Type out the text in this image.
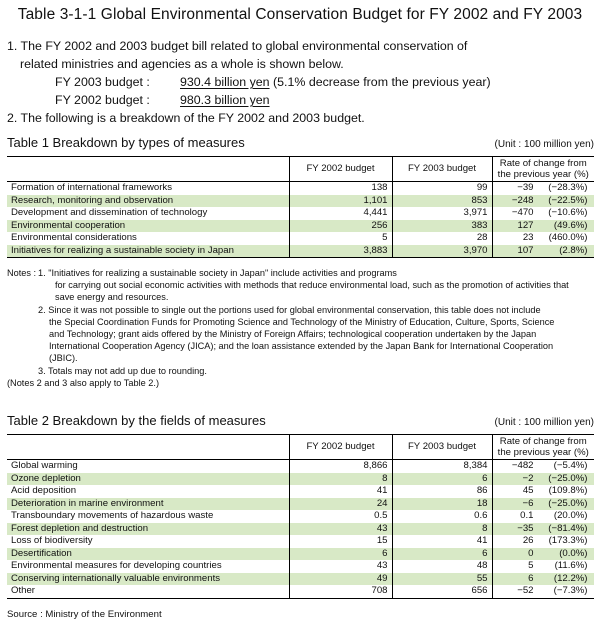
Table 3-1-1 Global Environmental Conservation Budget for FY 2002 and FY 2003
1. The FY 2002 and 2003 budget bill related to global environmental conservation of
related ministries and agencies as a whole is shown below.
FY 2003 budget :	930.4 billion yen (5.1% decrease from the previous year)
FY 2002 budget :	980.3 billion yen
2. The following is a breakdown of the FY 2002 and 2003 budget.
Table 1 Breakdown by types of measures	(Unit : 100 million yen)
	FY 2002 budget	FY 2003 budget	Rate of change from the previous year (%)
Formation of international frameworks	138	99	−39 (−28.3%)
Research, monitoring and observation	1,101	853	−248 (−22.5%)
Development and dissemination of technology	4,441	3,971	−470 (−10.6%)
Environmental cooperation	256	383	127 (49.6%)
Environmental considerations	5	28	23 (460.0%)
Initiatives for realizing a sustainable society in Japan	3,883	3,970	107 (2.8%)
Notes : 1. "Initiatives for realizing a sustainable society in Japan" include activities and programs
for carrying out social economic activities with methods that reduce environmental load, such as the promotion of activities that
save energy and resources.
2. Since it was not possible to single out the portions used for global environmental conservation, this table does not include
the Special Coordination Funds for Promoting Science and Technology of the Ministry of Education, Culture, Sports, Science
and Technology; grant aids offered by the Ministry of Foreign Affairs; technological cooperation undertaken by the Japan
International Cooperation Agency (JICA); and the loan assistance extended by the Japan Bank for International Cooperation
(JBIC).
3. Totals may not add up due to rounding.
(Notes 2 and 3 also apply to Table 2.)
Table 2 Breakdown by the fields of measures	(Unit : 100 million yen)
	FY 2002 budget	FY 2003 budget	Rate of change from the previous year (%)
Global warming	8,866	8,384	−482 (−5.4%)
Ozone depletion	8	6	−2 (−25.0%)
Acid deposition	41	86	45 (109.8%)
Deterioration in marine environment	24	18	−6 (−25.0%)
Transboundary movements of hazardous waste	0.5	0.6	0.1 (20.0%)
Forest depletion and destruction	43	8	−35 (−81.4%)
Loss of biodiversity	15	41	26 (173.3%)
Desertification	6	6	0 (0.0%)
Environmental measures for developing countries	43	48	5 (11.6%)
Conserving internationally valuable environments	49	55	6 (12.2%)
Other	708	656	−52 (−7.3%)
Source : Ministry of the Environment
